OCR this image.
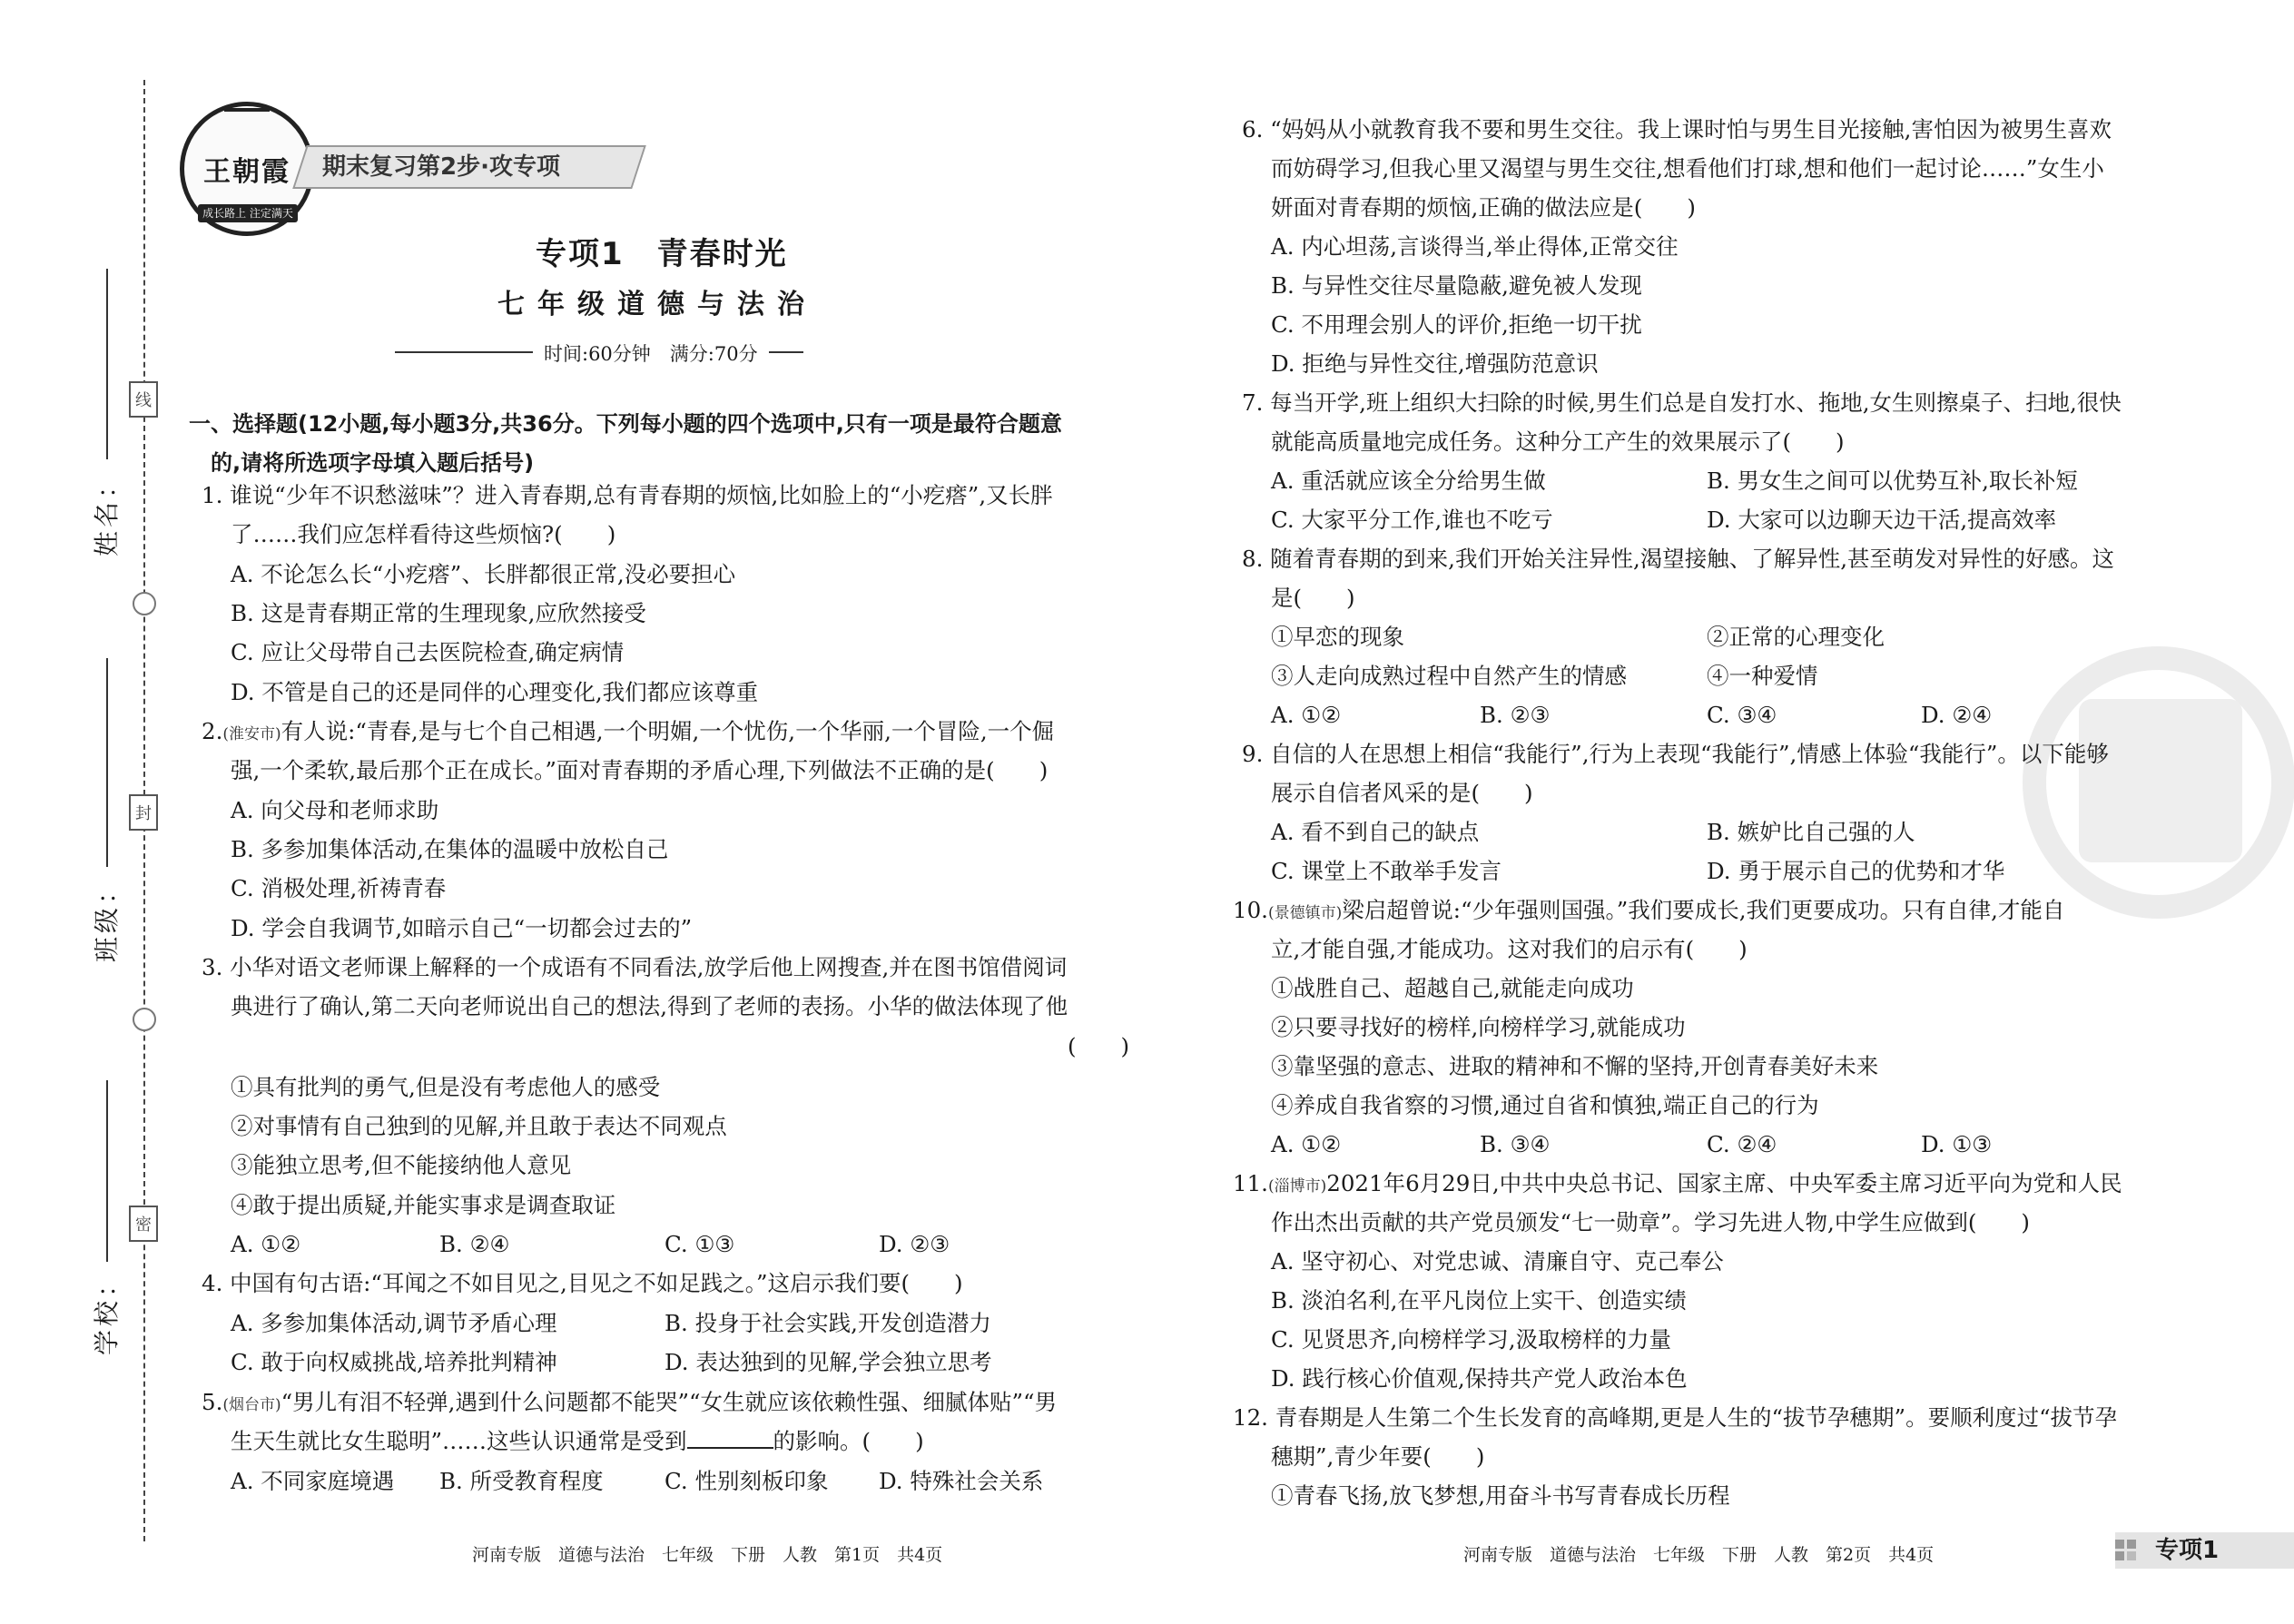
姓名：
班级：
学校：
线
封
密
王朝霞
成长路上 注定满天
期末复习第2步·攻专项
专项1　青春时光
七年级道德与法治
时间:60分钟　满分:70分
一、选择题(12小题,每小题3分,共36分。下列每小题的四个选项中,只有一项是最符合题意
的,请将所选项字母填入题后括号)
1. 谁说“少年不识愁滋味”？进入青春期,总有青春期的烦恼,比如脸上的“小疙瘩”,又长胖
了……我们应怎样看待这些烦恼?(　　)
A. 不论怎么长“小疙瘩”、长胖都很正常,没必要担心
B. 这是青春期正常的生理现象,应欣然接受
C. 应让父母带自己去医院检查,确定病情
D. 不管是自己的还是同伴的心理变化,我们都应该尊重
2.(淮安市)有人说:“青春,是与七个自己相遇,一个明媚,一个忧伤,一个华丽,一个冒险,一个倔
强,一个柔软,最后那个正在成长。”面对青春期的矛盾心理,下列做法不正确的是(　　)
A. 向父母和老师求助
B. 多参加集体活动,在集体的温暖中放松自己
C. 消极处理,祈祷青春
D. 学会自我调节,如暗示自己“一切都会过去的”
3. 小华对语文老师课上解释的一个成语有不同看法,放学后他上网搜查,并在图书馆借阅词
典进行了确认,第二天向老师说出自己的想法,得到了老师的表扬。小华的做法体现了他
(　　)
①具有批判的勇气,但是没有考虑他人的感受
②对事情有自己独到的见解,并且敢于表达不同观点
③能独立思考,但不能接纳他人意见
④敢于提出质疑,并能实事求是调查取证
A. ①②	B. ②④	C. ①③	D. ②③
4. 中国有句古语:“耳闻之不如目见之,目见之不如足践之。”这启示我们要(　　)
A. 多参加集体活动,调节矛盾心理	B. 投身于社会实践,开发创造潜力
C. 敢于向权威挑战,培养批判精神	D. 表达独到的见解,学会独立思考
5.(烟台市)“男儿有泪不轻弹,遇到什么问题都不能哭”“女生就应该依赖性强、细腻体贴”“男
生天生就比女生聪明”……这些认识通常是受到	的影响。(　　)
A. 不同家庭境遇 B. 所受教育程度	C. 性别刻板印象 D. 特殊社会关系
河南专版　道德与法治　七年级　下册　人教　第1页　共4页
6. “妈妈从小就教育我不要和男生交往。我上课时怕与男生目光接触,害怕因为被男生喜欢
而妨碍学习,但我心里又渴望与男生交往,想看他们打球,想和他们一起讨论……”女生小
妍面对青春期的烦恼,正确的做法应是(　　)
A. 内心坦荡,言谈得当,举止得体,正常交往
B. 与异性交往尽量隐蔽,避免被人发现
C. 不用理会别人的评价,拒绝一切干扰
D. 拒绝与异性交往,增强防范意识
7. 每当开学,班上组织大扫除的时候,男生们总是自发打水、拖地,女生则擦桌子、扫地,很快
就能高质量地完成任务。这种分工产生的效果展示了(　　)
A. 重活就应该全分给男生做	B. 男女生之间可以优势互补,取长补短
C. 大家平分工作,谁也不吃亏	D. 大家可以边聊天边干活,提高效率
8. 随着青春期的到来,我们开始关注异性,渴望接触、了解异性,甚至萌发对异性的好感。这
是(　　)
①早恋的现象	②正常的心理变化
③人走向成熟过程中自然产生的情感	④一种爱情
A. ①②	B. ②③	C. ③④	D. ②④
9. 自信的人在思想上相信“我能行”,行为上表现“我能行”,情感上体验“我能行”。以下能够
展示自信者风采的是(　　)
A. 看不到自己的缺点	B. 嫉妒比自己强的人
C. 课堂上不敢举手发言	D. 勇于展示自己的优势和才华
10.(景德镇市)梁启超曾说:“少年强则国强。”我们要成长,我们更要成功。只有自律,才能自
立,才能自强,才能成功。这对我们的启示有(　　)
①战胜自己、超越自己,就能走向成功
②只要寻找好的榜样,向榜样学习,就能成功
③靠坚强的意志、进取的精神和不懈的坚持,开创青春美好未来
④养成自我省察的习惯,通过自省和慎独,端正自己的行为
A. ①②	B. ③④	C. ②④	D. ①③
11.(淄博市)2021年6月29日,中共中央总书记、国家主席、中央军委主席习近平向为党和人民
作出杰出贡献的共产党员颁发“七一勋章”。学习先进人物,中学生应做到(　　)
A. 坚守初心、对党忠诚、清廉自守、克己奉公
B. 淡泊名利,在平凡岗位上实干、创造实绩
C. 见贤思齐,向榜样学习,汲取榜样的力量
D. 践行核心价值观,保持共产党人政治本色
12. 青春期是人生第二个生长发育的高峰期,更是人生的“拔节孕穗期”。要顺利度过“拔节孕
穗期”,青少年要(　　)
①青春飞扬,放飞梦想,用奋斗书写青春成长历程
河南专版　道德与法治　七年级　下册　人教　第2页　共4页	专项1
